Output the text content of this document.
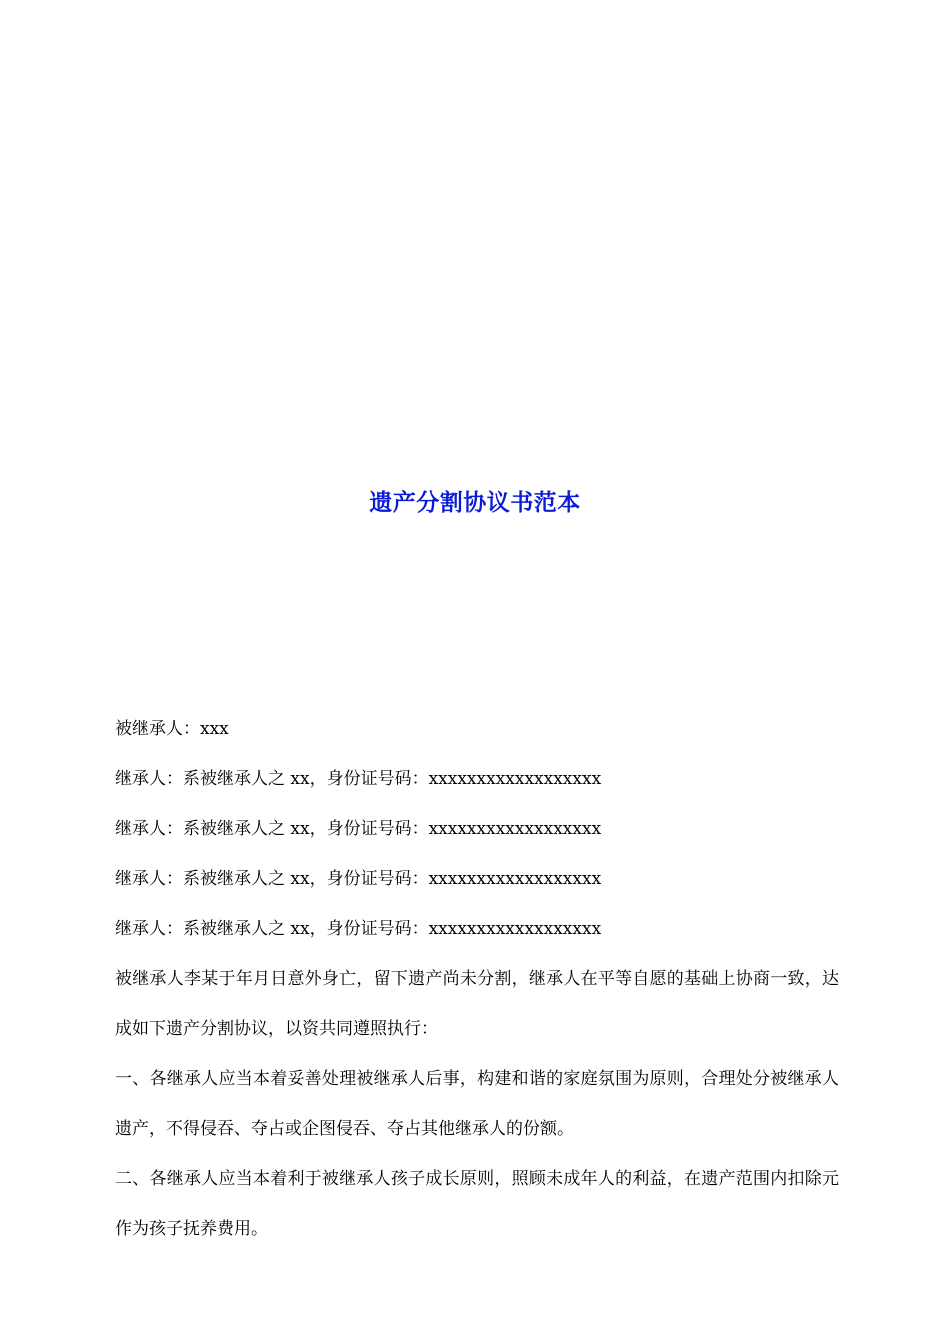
遗产分割协议书范本
被继承人：xxx
继承人：系被继承人之 xx，身份证号码：xxxxxxxxxxxxxxxxxx
继承人：系被继承人之 xx，身份证号码：xxxxxxxxxxxxxxxxxx
继承人：系被继承人之 xx，身份证号码：xxxxxxxxxxxxxxxxxx
继承人：系被继承人之 xx，身份证号码：xxxxxxxxxxxxxxxxxx

被继承人李某于年月日意外身亡，留下遗产尚未分割，继承人在平等自愿的基础上协商一致，达成如下遗产分割协议，以资共同遵照执行：

一、各继承人应当本着妥善处理被继承人后事，构建和谐的家庭氛围为原则，合理处分被继承人遗产，不得侵吞、夺占或企图侵吞、夺占其他继承人的份额。

二、各继承人应当本着利于被继承人孩子成长原则，照顾未成年人的利益，在遗产范围内扣除元作为孩子抚养费用。
